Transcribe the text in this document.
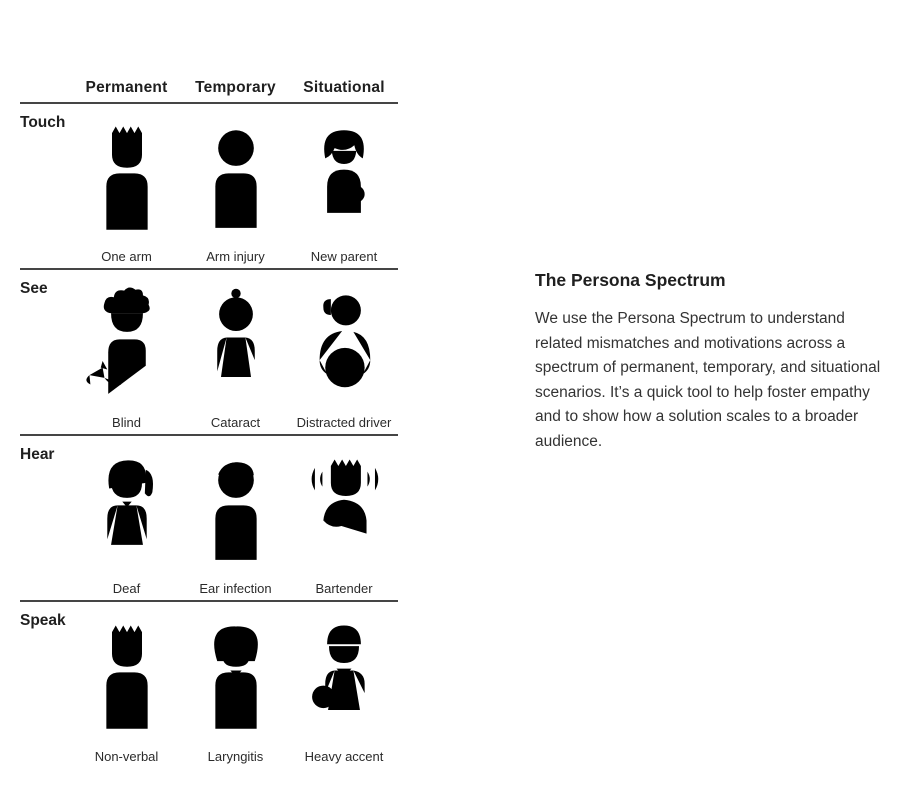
Permanent	Temporary	Situational
Touch
One arm	Arm injury	New parent
See
Blind	Cataract	Distracted driver
Hear
Deaf	Ear infection	Bartender
Speak
Non-verbal	Laryngitis	Heavy accent
The Persona Spectrum

We use the Persona Spectrum to understand related mismatches and motivations across a spectrum of permanent, temporary, and situational scenarios. It’s a quick tool to help foster empathy and to show how a solution scales to a broader audience.
